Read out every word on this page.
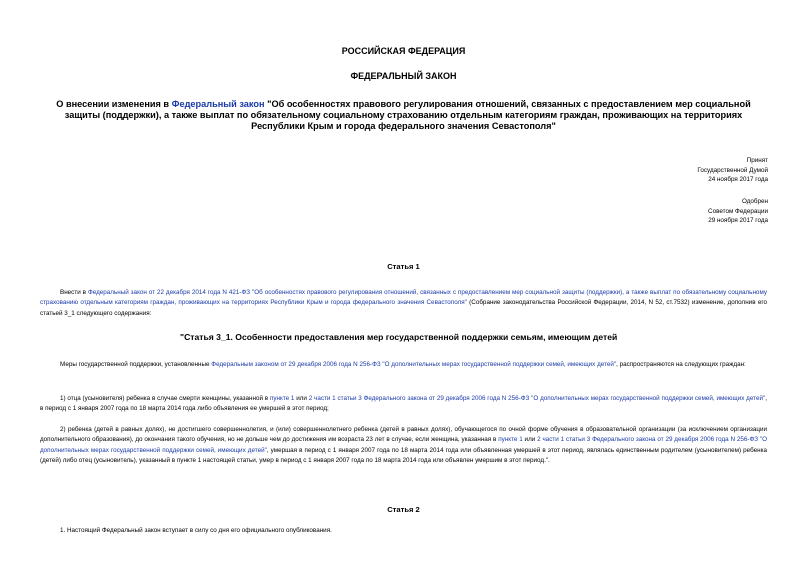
РОССИЙСКАЯ ФЕДЕРАЦИЯ
ФЕДЕРАЛЬНЫЙ ЗАКОН
О внесении изменения в Федеральный закон "Об особенностях правового регулирования отношений, связанных с предоставлением мер социальной защиты (поддержки), а также выплат по обязательному социальному страхованию отдельным категориям граждан, проживающих на территориях Республики Крым и города федерального значения Севастополя"
Принят
Государственной Думой
24 ноября 2017 года
Одобрен
Советом Федерации
29 ноября 2017 года
Статья 1
Внести в Федеральный закон от 22 декабря 2014 года N 421-ФЗ "Об особенностях правового регулирования отношений, связанных с предоставлением мер социальной защиты (поддержки), а также выплат по обязательному социальному страхованию отдельным категориям граждан, проживающих на территориях Республики Крым и города федерального значения Севастополя" (Собрание законодательства Российской Федерации, 2014, N 52, ст.7532) изменение, дополнив его статьей 3_1 следующего содержания:
"Статья 3_1. Особенности предоставления мер государственной поддержки семьям, имеющим детей
Меры государственной поддержки, установленные Федеральным законом от 29 декабря 2006 года N 256-ФЗ "О дополнительных мерах государственной поддержки семей, имеющих детей", распространяются на следующих граждан:
1) отца (усыновителя) ребенка в случае смерти женщины, указанной в пункте 1 или 2 части 1 статьи 3 Федерального закона от 29 декабря 2006 года N 256-ФЗ "О дополнительных мерах государственной поддержки семей, имеющих детей", в период с 1 января 2007 года по 18 марта 2014 года либо объявления ее умершей в этот период;
2) ребенка (детей в равных долях), не достигшего совершеннолетия, и (или) совершеннолетнего ребенка (детей в равных долях), обучающегося по очной форме обучения в образовательной организации (за исключением организации дополнительного образования), до окончания такого обучения, но не дольше чем до достижения им возраста 23 лет в случае, если женщина, указанная в пункте 1 или 2 части 1 статьи 3 Федерального закона от 29 декабря 2006 года N 256-ФЗ "О дополнительных мерах государственной поддержки семей, имеющих детей", умершая в период с 1 января 2007 года по 18 марта 2014 года или объявленная умершей в этот период, являлась единственным родителем (усыновителем) ребенка (детей) либо отец (усыновитель), указанный в пункте 1 настоящей статьи, умер в период с 1 января 2007 года по 18 марта 2014 года или объявлен умершим в этот период.".
Статья 2
1. Настоящий Федеральный закон вступает в силу со дня его официального опубликования.
